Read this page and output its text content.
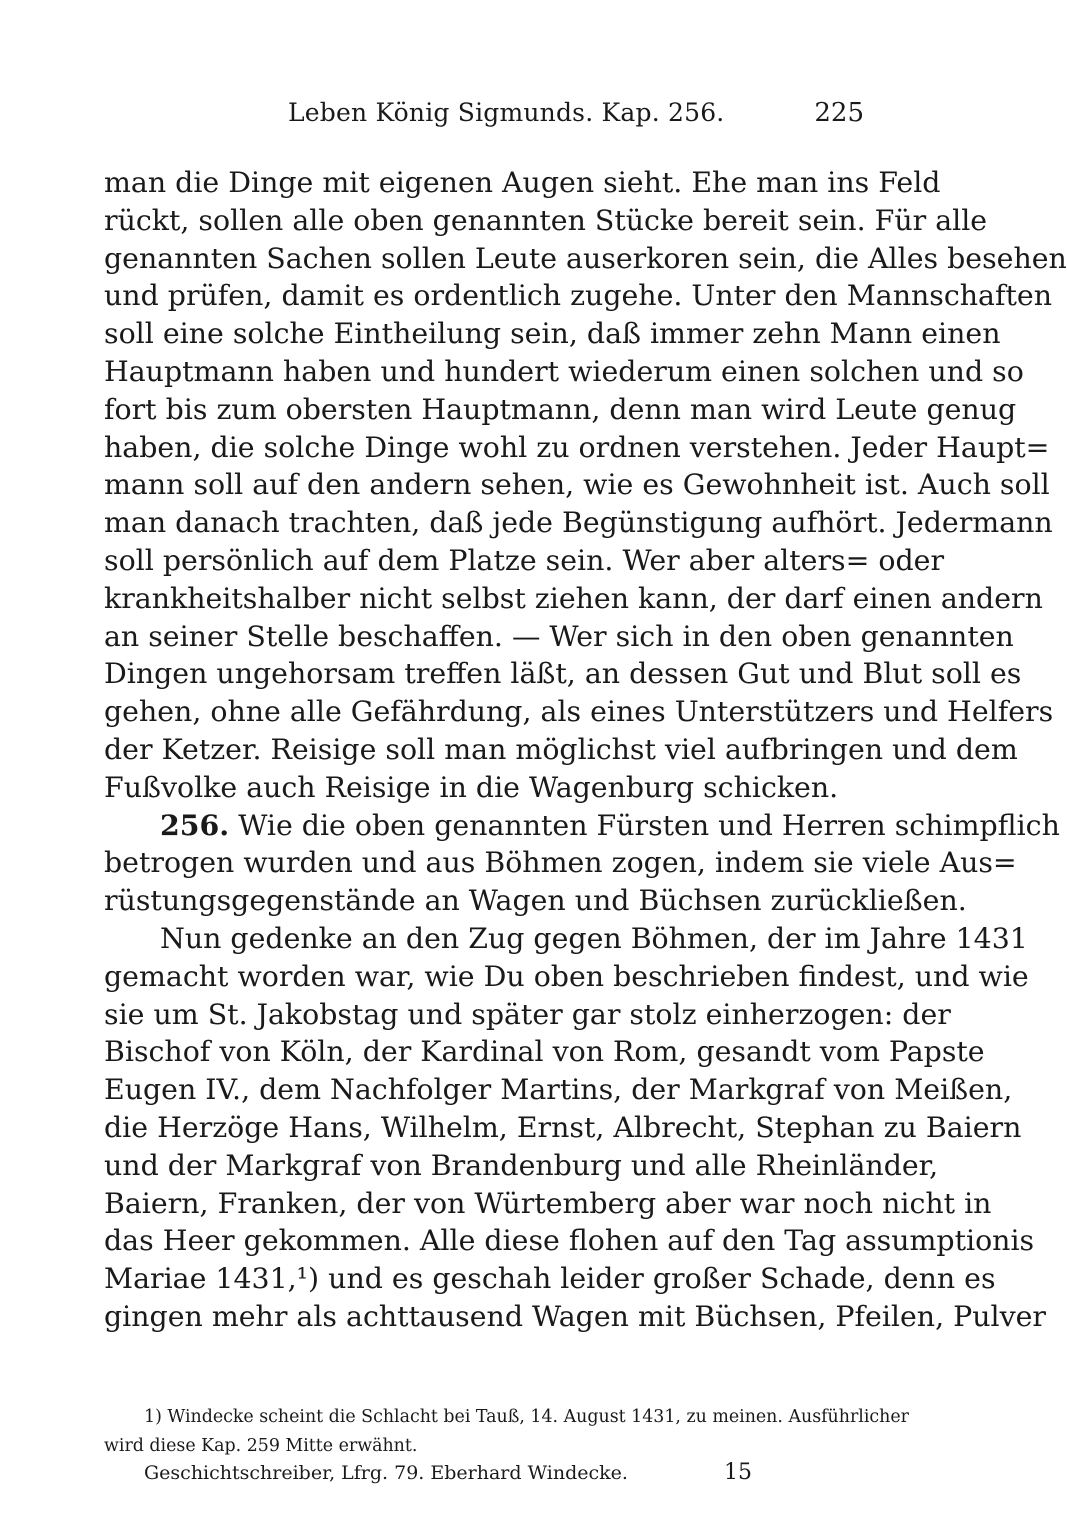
Leben König Sigmunds. Kap. 256.	225
man die Dinge mit eigenen Augen sieht. Ehe man ins Feld
rückt, sollen alle oben genannten Stücke bereit sein. Für alle
genannten Sachen sollen Leute auserkoren sein, die Alles besehen
und prüfen, damit es ordentlich zugehe. Unter den Mannschaften
soll eine solche Eintheilung sein, daß immer zehn Mann einen
Hauptmann haben und hundert wiederum einen solchen und so
fort bis zum obersten Hauptmann, denn man wird Leute genug
haben, die solche Dinge wohl zu ordnen verstehen. Jeder Haupt=
mann soll auf den andern sehen, wie es Gewohnheit ist. Auch soll
man danach trachten, daß jede Begünstigung aufhört. Jedermann
soll persönlich auf dem Platze sein. Wer aber alters= oder
krankheitshalber nicht selbst ziehen kann, der darf einen andern
an seiner Stelle beschaffen. — Wer sich in den oben genannten
Dingen ungehorsam treffen läßt, an dessen Gut und Blut soll es
gehen, ohne alle Gefährdung, als eines Unterstützers und Helfers
der Ketzer. Reisige soll man möglichst viel aufbringen und dem
Fußvolke auch Reisige in die Wagenburg schicken.
256. Wie die oben genannten Fürsten und Herren schimpflich
betrogen wurden und aus Böhmen zogen, indem sie viele Aus=
rüstungsgegenstände an Wagen und Büchsen zurückließen.
Nun gedenke an den Zug gegen Böhmen, der im Jahre 1431
gemacht worden war, wie Du oben beschrieben findest, und wie
sie um St. Jakobstag und später gar stolz einherzogen: der
Bischof von Köln, der Kardinal von Rom, gesandt vom Papste
Eugen IV., dem Nachfolger Martins, der Markgraf von Meißen,
die Herzöge Hans, Wilhelm, Ernst, Albrecht, Stephan zu Baiern
und der Markgraf von Brandenburg und alle Rheinländer,
Baiern, Franken, der von Würtemberg aber war noch nicht in
das Heer gekommen. Alle diese flohen auf den Tag assumptionis
Mariae 1431,¹) und es geschah leider großer Schade, denn es
gingen mehr als achttausend Wagen mit Büchsen, Pfeilen, Pulver
1) Windecke scheint die Schlacht bei Tauß, 14. August 1431, zu meinen. Ausführlicher
wird diese Kap. 259 Mitte erwähnt.
Geschichtschreiber, Lfrg. 79. Eberhard Windecke.	15
